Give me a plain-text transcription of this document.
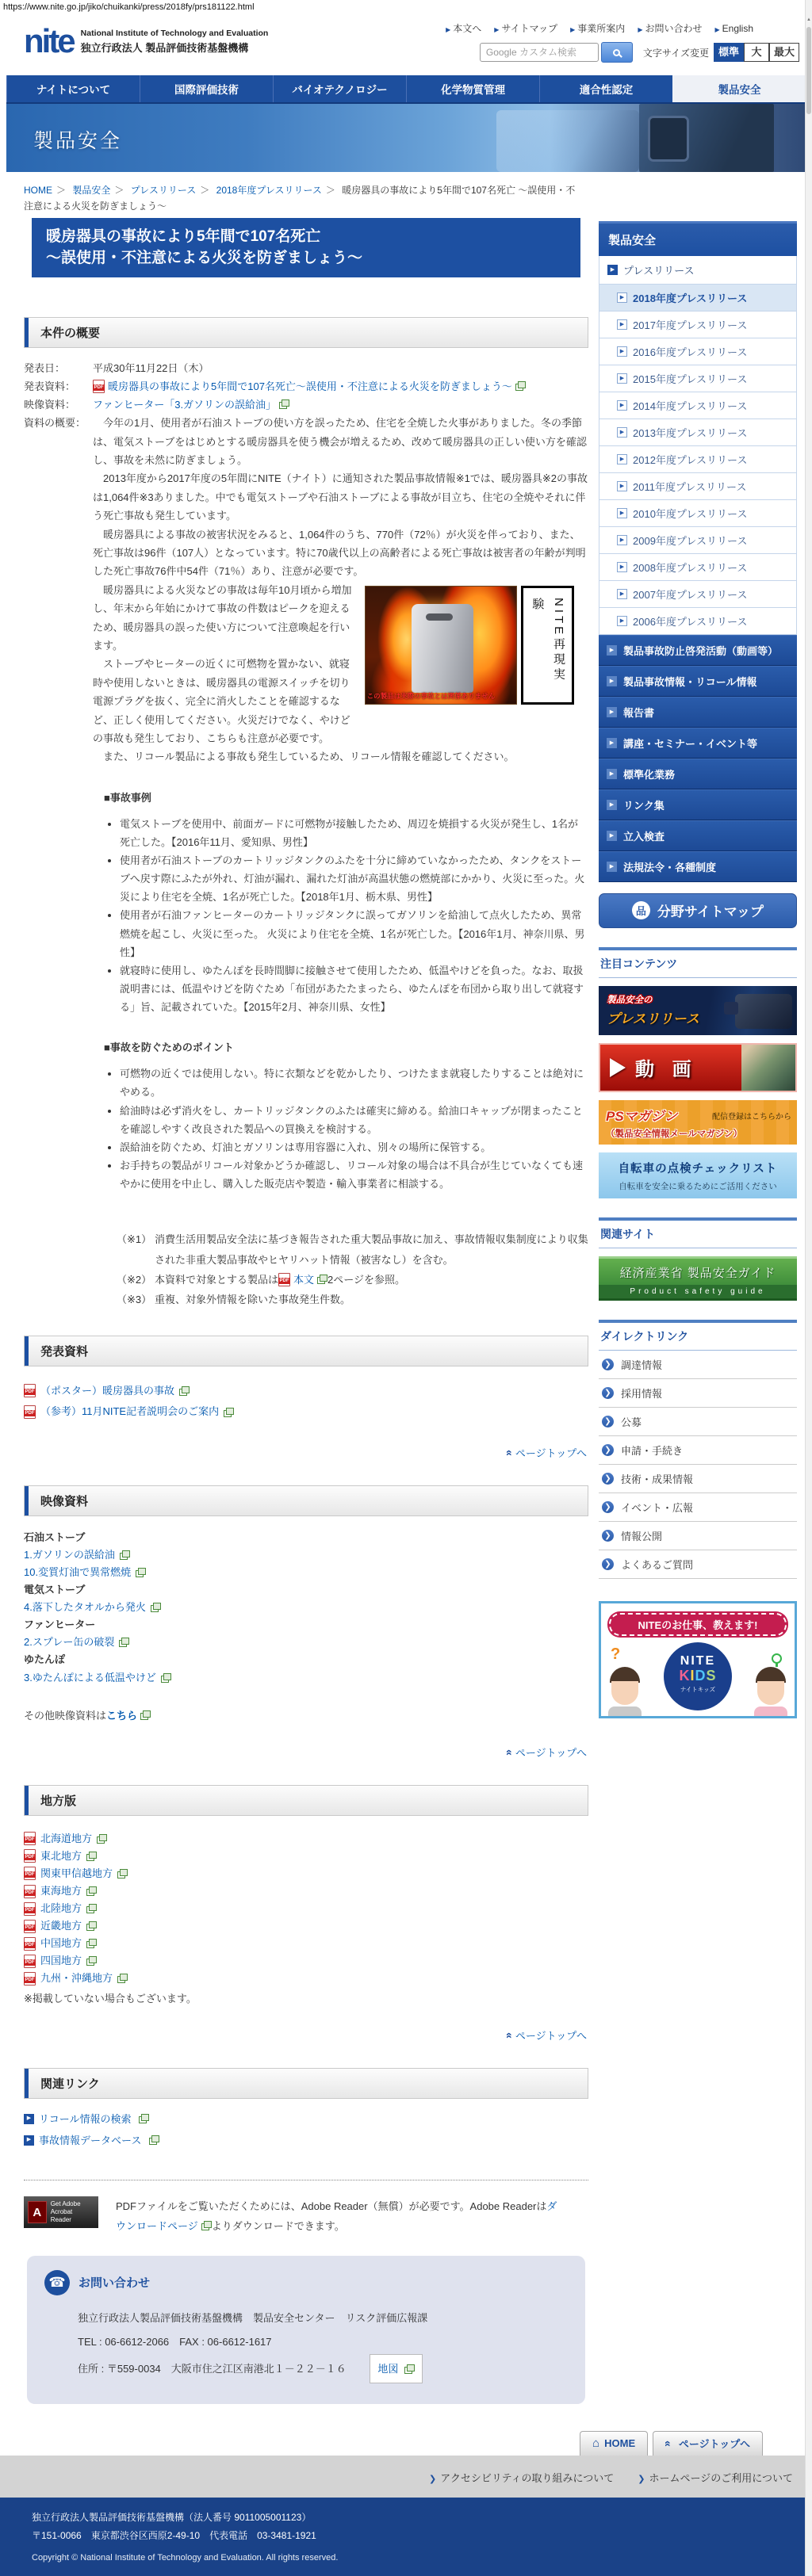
https://www.nite.go.jp/jiko/chuikanki/press/2018fy/prs181122.html
nite National Institute of Technology and Evaluation
独立行政法人 製品評価技術基盤機構
▶ 本文へ ▶ サイトマップ ▶ 事業所案内 ▶ お問い合わせ ▶ English
Google カスタム検索
文字サイズ変更 標準 大 最大
ナイトについて	国際評価技術	バイオテクノロジー	化学物質管理	適合性認定	製品安全
製品安全
HOME ＞ 製品安全 ＞ プレスリリース ＞ 2018年度プレスリリース ＞ 暖房器具の事故により5年間で107名死亡 ～誤使用・不注意による火災を防ぎましょう～
暖房器具の事故により5年間で107名死亡
～誤使用・不注意による火災を防ぎましょう～
本件の概要
発表日：	平成30年11月22日（木）
発表資料： PDF	暖房器具の事故により5年間で107名死亡～誤使用・不注意による火災を防ぎましょう～
映像資料：	ファンヒーター「3.ガソリンの誤給油」
資料の概要： 　今年の1月、使用者が石油ストーブの使い方を誤ったため、住宅を全焼した火事がありました。冬の季節は、電気ストーブをはじめとする暖房器具を使う機会が増えるため、改めて暖房器具の正しい使い方を確認し、事故を未然に防ぎましょう。

　2013年度から2017年度の5年間にNITE（ナイト）に通知された製品事故情報※1では、暖房器具※2の事故は1,064件※3ありました。中でも電気ストーブや石油ストーブによる事故が目立ち、住宅の全焼やそれに伴う死亡事故も発生しています。

　暖房器具による事故の被害状況をみると、1,064件のうち、770件（72％）が火災を伴っており、また、死亡事故は96件（107人）となっています。特に70歳代以上の高齢者による死亡事故は被害者の年齢が判明した死亡事故76件中54件（71％）あり、注意が必要です。

この製品は実際の事故とは関係ありません
NITE再現実験

　暖房器具による火災などの事故は毎年10月頃から増加し、年末から年始にかけて事故の件数はピークを迎えるため、暖房器具の誤った使い方について注意喚起を行います。

　ストーブやヒーターの近くに可燃物を置かない、就寝時や使用しないときは、暖房器具の電源スイッチを切り電源プラグを抜く、完全に消火したことを確認するなど、正しく使用してください。火災だけでなく、やけどの事故も発生しており、こちらも注意が必要です。

　また、リコール製品による事故も発生しているため、リコール情報を確認してください。

■事故事例
• 電気ストーブを使用中、前面ガードに可燃物が接触したため、周辺を焼損する火災が発生し、1名が死亡した。【2016年11月、愛知県、男性】
• 使用者が石油ストーブのカートリッジタンクのふたを十分に締めていなかったため、タンクをストーブへ戻す際にふたが外れ、灯油が漏れ、漏れた灯油が高温状態の燃焼部にかかり、火災に至った。火災により住宅を全焼、1名が死亡した。【2018年1月、栃木県、男性】
• 使用者が石油ファンヒーターのカートリッジタンクに誤ってガソリンを給油して点火したため、異常燃焼を起こし、火災に至った。 火災により住宅を全焼、1名が死亡した。【2016年1月、神奈川県、男性】
• 就寝時に使用し、ゆたんぽを長時間脚に接触させて使用したため、低温やけどを負った。なお、取扱説明書には、低温やけどを防ぐため「布団があたたまったら、ゆたんぽを布団から取り出して就寝する」旨、記載されていた。【2015年2月、神奈川県、女性】
■事故を防ぐためのポイント
• 可燃物の近くでは使用しない。特に衣類などを乾かしたり、つけたまま就寝したりすることは絶対にやめる。
• 給油時は必ず消火をし、カートリッジタンクのふたは確実に締める。給油口キャップが閉まったことを確認しやすく改良された製品への買換えを検討する。
• 誤給油を防ぐため、灯油とガソリンは専用容器に入れ、別々の場所に保管する。
• お手持ちの製品がリコール対象かどうか確認し、リコール対象の場合は不具合が生じていなくても速やかに使用を中止し、購入した販売店や製造・輸入事業者に相談する。
（※1） 消費生活用製品安全法に基づき報告された重大製品事故に加え、事故情報収集制度により収集された非重大製品事故やヒヤリハット情報（被害なし）を含む。
（※2） 本資料で対象とする製品は PDF 本文 2ページを参照。
（※3） 重複、対象外情報を除いた事故発生件数。
発表資料
PDF
（ポスター）暖房器具の事故
PDF
（参考）11月NITE記者説明会のご案内
«ページトップへ
映像資料
石油ストーブ
1.ガソリンの誤給油
10.変質灯油で異常燃焼
電気ストーブ
4.落下したタオルから発火
ファンヒーター
2.スプレー缶の破裂
ゆたんぽ
3.ゆたんぽによる低温やけど
その他映像資料はこちら
«ページトップへ
地方版
PDF
北海道地方
PDF
東北地方
PDF
関東甲信越地方
PDF
東海地方
PDF
北陸地方
PDF
近畿地方
PDF
中国地方
PDF
四国地方
PDF
九州・沖縄地方
※掲載していない場合もございます。
«ページトップへ
関連リンク
▶ リコール情報の検索
▶ 事故情報データベース
A
Get Adobe
Acrobat Reader
PDFファイルをご覧いただくためには、Adobe Reader（無償）が必要です。Adobe Readerはダウンロードページ よりダウンロードできます。
☎	お問い合わせ
独立行政法人製品評価技術基盤機構　製品安全センター　リスク評価広報課
TEL : 06-6612-2066　FAX : 06-6612-1617
住所 : 〒559-0034　大阪市住之江区南港北１－２２－１６	地図
製品安全
▶ プレスリリース
▶ 2018年度プレスリリース
▶ 2017年度プレスリリース
▶ 2016年度プレスリリース
▶ 2015年度プレスリリース
▶ 2014年度プレスリリース
▶ 2013年度プレスリリース
▶ 2012年度プレスリリース
▶ 2011年度プレスリリース
▶ 2010年度プレスリリース
▶ 2009年度プレスリリース
▶ 2008年度プレスリリース
▶ 2007年度プレスリリース
▶ 2006年度プレスリリース
▶ 製品事故防止啓発活動（動画等）
▶ 製品事故情報・リコール情報
▶ 報告書
▶ 講座・セミナー・イベント等
▶ 標準化業務
▶ リンク集
▶ 立入検査
▶ 法規法令・各種制度
品 分野サイトマップ
注目コンテンツ
製品安全の
プレスリリース
動 画
PSマガジン	配信登録はこちらから
（製品安全情報メールマガジン）
自転車の点検チェックリスト
自転車を安全に乗るためにご活用ください
関連サイト
経済産業省 製品安全ガイド
Product safety guide
ダイレクトリンク
❯ 調達情報
❯ 採用情報
❯ 公募
❯ 申請・手続き
❯ 技術・成果情報
❯ イベント・広報
❯ 情報公開
❯ よくあるご質問
NITEのお仕事、教えます!
?	NITE
KIDS
ナイトキッズ
⌂ HOME « ページトップへ
❯ アクセシビリティの取り組みについて	❯ ホームページのご利用について
独立行政法人製品評価技術基盤機構（法人番号 9011005001123）
〒151-0066　東京都渋谷区西原2-49-10　代表電話　03-3481-1921
Copyright © National Institute of Technology and Evaluation. All rights reserved.
▲
